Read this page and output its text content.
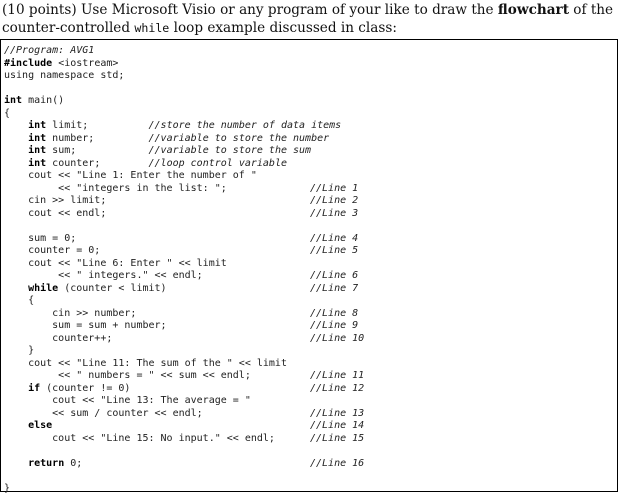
(10 points) Use Microsoft Visio or any program of your like to draw the flowchart of the counter-controlled while loop example discussed in class:
//Program: AVG1
#include <iostream>
using namespace std;
int main()
{
int limit;          //store the number of data items
int number;         //variable to store the number
int sum;            //variable to store the sum
int counter;        //loop control variable
cout << "Line 1: Enter the number of "
<< "integers in the list: ";	//Line 1
cin >> limit;	//Line 2
cout << endl;	//Line 3
sum = 0;	//Line 4
counter = 0;	//Line 5
cout << "Line 6: Enter " << limit
<< " integers." << endl;	//Line 6
while (counter < limit)	//Line 7
{
cin >> number;	//Line 8
sum = sum + number;	//Line 9
counter++;	//Line 10
}
cout << "Line 11: The sum of the " << limit
<< " numbers = " << sum << endl;	//Line 11
if (counter != 0)	//Line 12
cout << "Line 13: The average = "
<< sum / counter << endl;	//Line 13
else	//Line 14
cout << "Line 15: No input." << endl;	//Line 15
return 0;	//Line 16
}
